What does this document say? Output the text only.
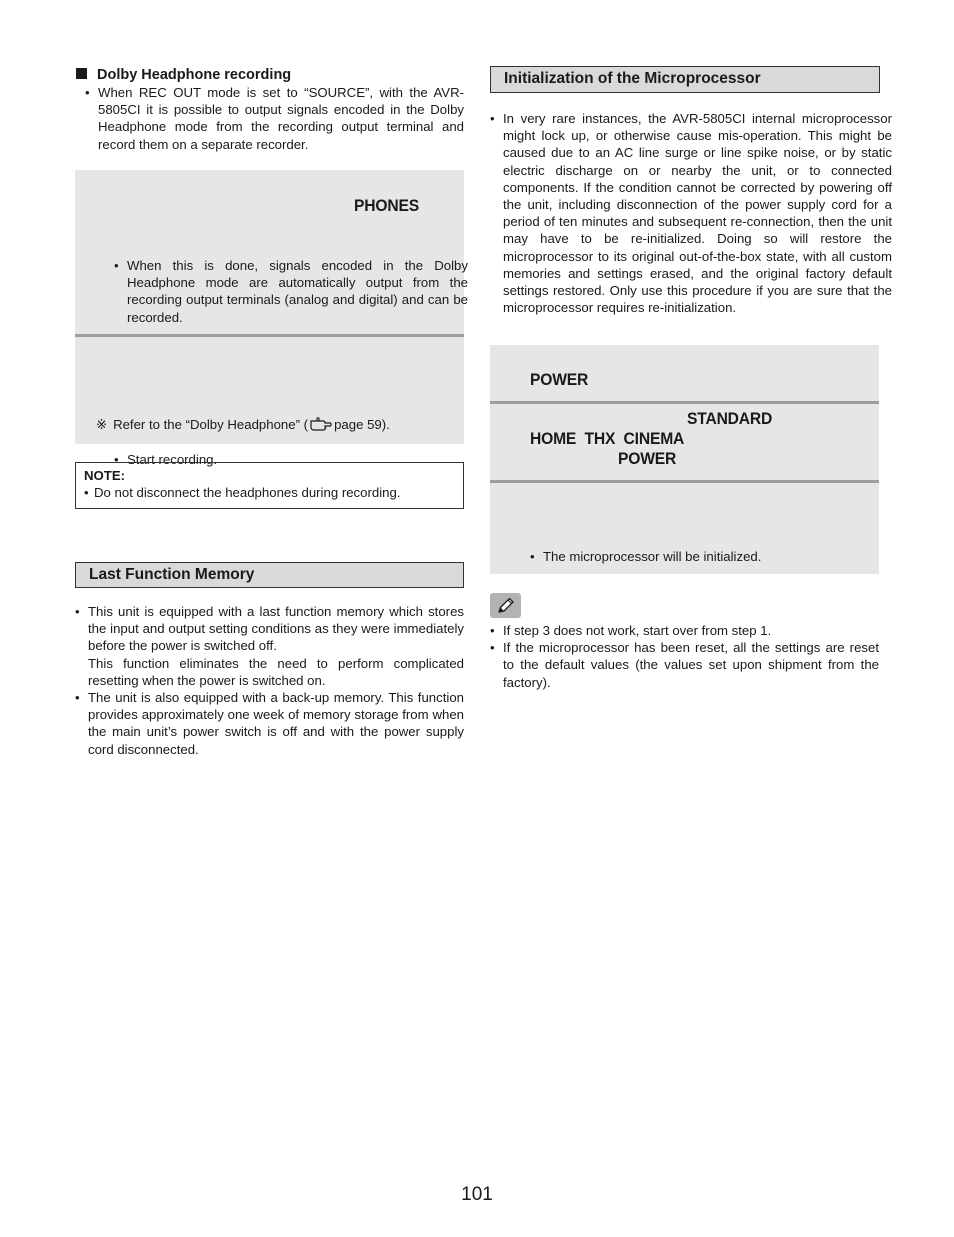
Dolby Headphone recording
• When REC OUT mode is set to “SOURCE”, with the AVR-5805CI it is possible to output signals encoded in the Dolby Headphone mode from the recording output terminal and record them on a separate recorder.
PHONES
• When this is done, signals encoded in the Dolby Headphone mode are automatically output from the recording output terminals (analog and digital) and can be recorded.
• Start recording.
※ Refer to the “Dolby Headphone” ( page 59).
NOTE:
• Do not disconnect the headphones during recording.
Last Function Memory
• This unit is equipped with a last function memory which stores the input and output setting conditions as they were immediately before the power is switched off.
This function eliminates the need to perform complicated resetting when the power is switched on.
• The unit is also equipped with a back-up memory. This function provides approximately one week of memory storage from when the main unit’s power switch is off and with the power supply cord disconnected.
Initialization of the Microprocessor
• In very rare instances, the AVR-5805CI internal microprocessor might lock up, or otherwise cause mis-operation. This might be caused due to an AC line surge or line spike noise, or by static electric discharge on or nearby the unit, or to connected components. If the condition cannot be corrected by powering off the unit, including disconnection of the power supply cord for a period of ten minutes and subsequent re-connection, then the unit may have to be re-initialized. Doing so will restore the microprocessor to its original out-of-the-box state, with all custom memories and settings erased, and the original factory default settings restored. Only use this procedure if you are sure that the microprocessor requires re-initialization.
POWER
STANDARD
HOME  THX  CINEMA
POWER
• The microprocessor will be initialized.
• If step 3 does not work, start over from step 1.
• If the microprocessor has been reset, all the settings are reset to the default values (the values set upon shipment from the factory).
101
